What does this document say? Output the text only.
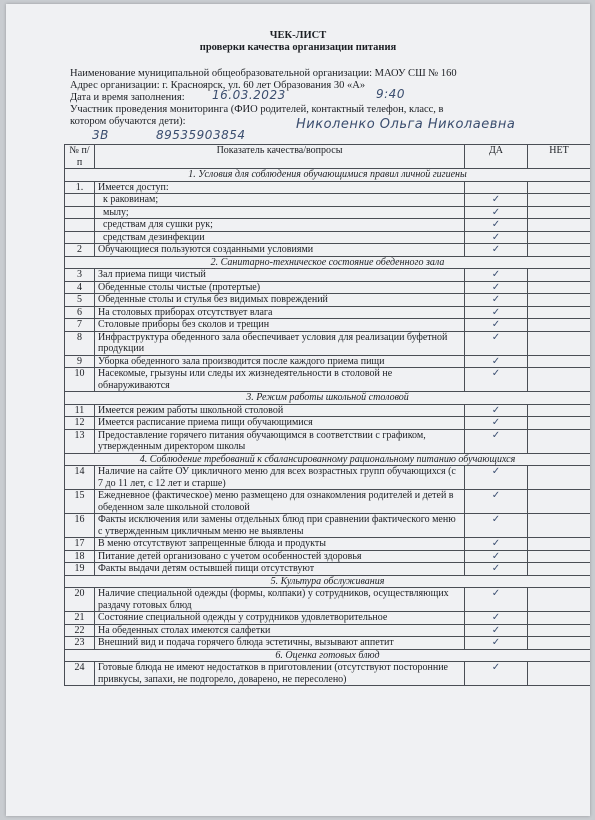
ЧЕК-ЛИСТ
проверки качества организации питания
Наименование муниципальной общеобразовательной организации: МАОУ СШ № 160
Адрес организации: г. Красноярск, ул. 60 лет Образования 30 «А»
Дата и время заполнения:
Участник проведения мониторинга (ФИО родителей, контактный телефон, класс, в
котором обучаются дети):
16.03.2023	9:40
Николенко Ольга Николаевна
3В	89535903854
№ п/п	Показатель качества/вопросы	ДА	НЕТ
1. Условия для соблюдения обучающимися правил личной гигиены			
1.	Имеется доступ:		
	к раковинам;	✓	
	мылу;	✓	
	средствам для сушки рук;	✓	
	средствам дезинфекции	✓	
2	Обучающиеся пользуются созданными условиями	✓	
2. Санитарно-техническое состояние обеденного зала			
3	Зал приема пищи чистый	✓	
4	Обеденные столы чистые (протертые)	✓	
5	Обеденные столы и стулья без видимых повреждений	✓	
6	На столовых приборах отсутствует влага	✓	
7	Столовые приборы без сколов и трещин	✓	
8	Инфраструктура обеденного зала обеспечивает условия для реализации буфетной продукции	✓	
9	Уборка обеденного зала производится после каждого приема пищи	✓	
10	Насекомые, грызуны или следы их жизнедеятельности в столовой не обнаруживаются	✓	
3. Режим работы школьной столовой			
11	Имеется режим работы школьной столовой	✓	
12	Имеется расписание приема пищи обучающимися	✓	
13	Предоставление горячего питания обучающимся в соответствии с графиком, утвержденным директором школы	✓	
4. Соблюдение требований к сбалансированному рациональному питанию обучающихся			
14	Наличие на сайте ОУ цикличного меню для всех возрастных групп обучающихся (с 7 до 11 лет, с 12 лет и старше)	✓	
15	Ежедневное (фактическое) меню размещено для ознакомления родителей и детей в обеденном зале школьной столовой	✓	
16	Факты исключения или замены отдельных блюд при сравнении фактического меню с утвержденным цикличным меню не выявлены	✓	
17	В меню отсутствуют запрещенные блюда и продукты	✓	
18	Питание детей организовано с учетом особенностей здоровья	✓	
19	Факты выдачи детям остывшей пищи отсутствуют	✓	
5. Культура обслуживания			
20	Наличие специальной одежды (формы, колпаки) у сотрудников, осуществляющих раздачу готовых блюд	✓	
21	Состояние специальной одежды у сотрудников удовлетворительное	✓	
22	На обеденных столах имеются салфетки	✓	
23	Внешний вид и подача горячего блюда эстетичны, вызывают аппетит	✓	
6. Оценка готовых блюд			
24	Готовые блюда не имеют недостатков в приготовлении (отсутствуют посторонние привкусы, запахи, не подгорело, доварено, не пересолено)	✓	
